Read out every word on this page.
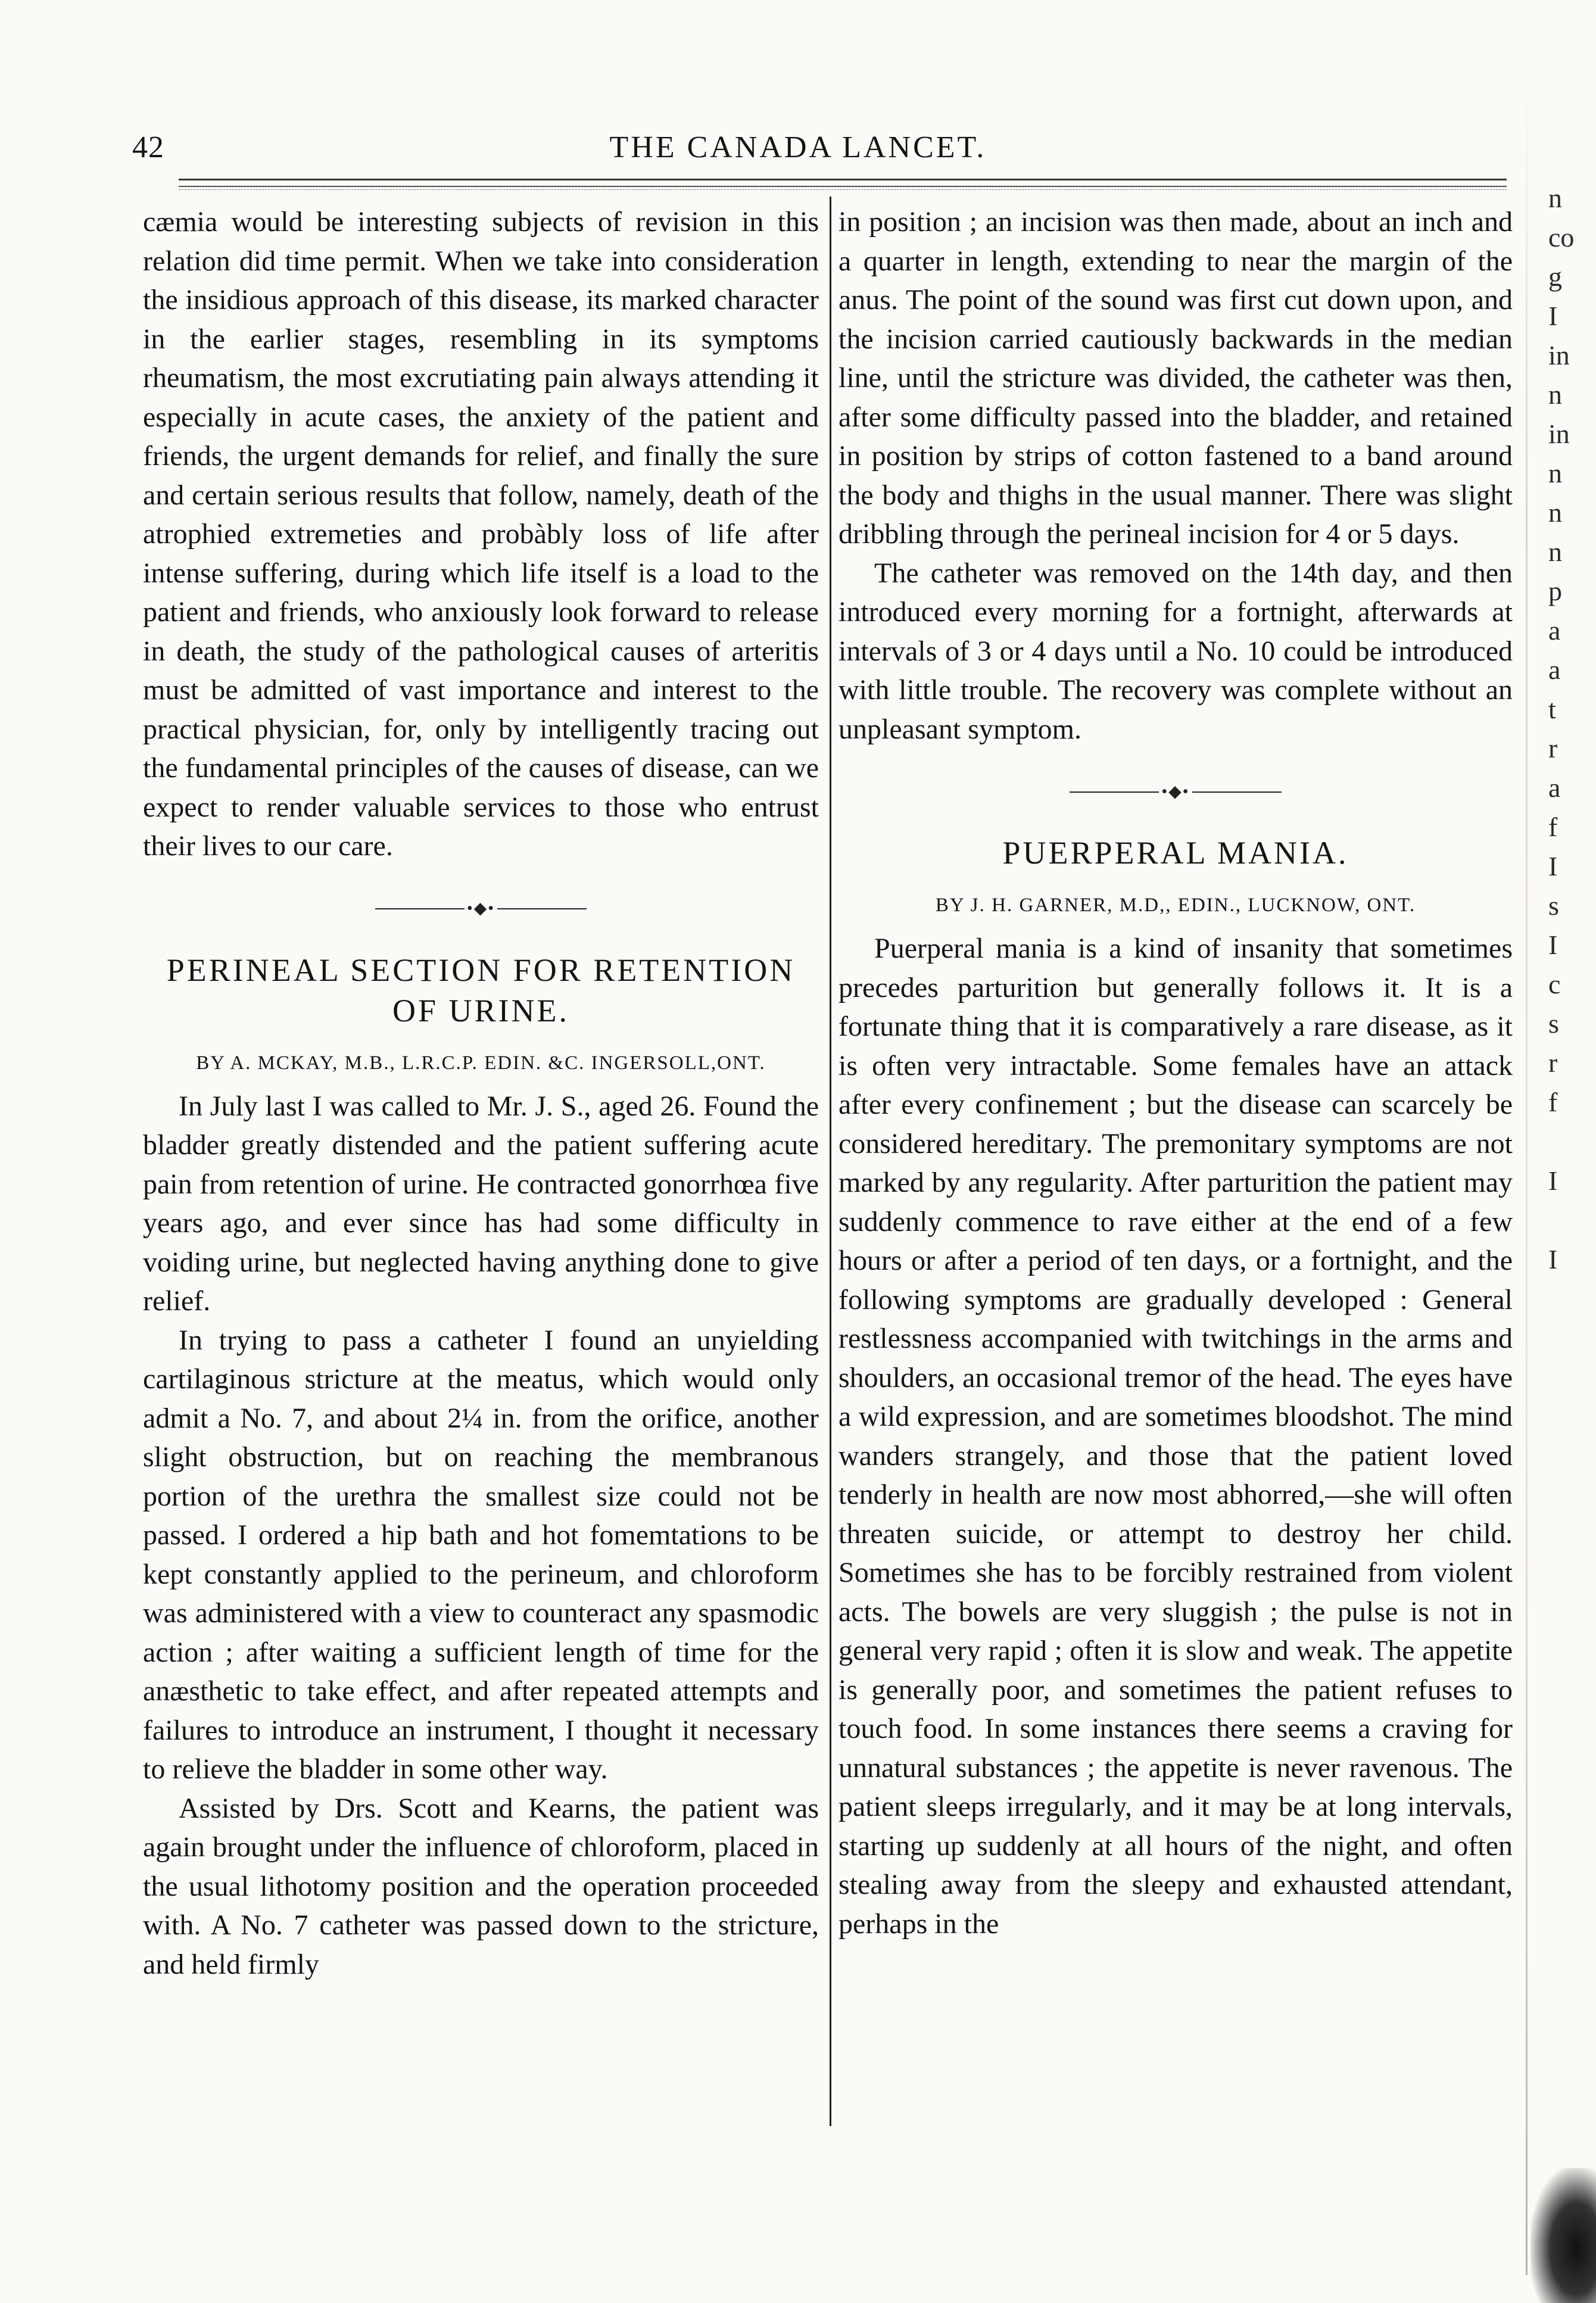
42	THE CANADA LANCET.

cæmia would be interesting subjects of revision in this relation did time permit. When we take into consideration the insidious approach of this disease, its marked character in the earlier stages, resembling in its symptoms rheumatism, the most excrutiating pain always attending it especially in acute cases, the anxiety of the patient and friends, the urgent demands for relief, and finally the sure and certain serious results that follow, namely, death of the atrophied extremeties and probàbly loss of life after intense suffering, during which life itself is a load to the patient and friends, who anxiously look forward to release in death, the study of the pathological causes of arteritis must be admitted of vast importance and interest to the practical physician, for, only by intelligently tracing out the fundamental principles of the causes of disease, can we expect to render valuable services to those who entrust their lives to our care.

•◆•
PERINEAL SECTION FOR RETENTION OF URINE.
BY A. MCKAY, M.B., L.R.C.P. EDIN. &C. INGERSOLL,ONT.

In July last I was called to Mr. J. S., aged 26. Found the bladder greatly distended and the patient suffering acute pain from retention of urine. He contracted gonorrhœa five years ago, and ever since has had some difficulty in voiding urine, but neglected having anything done to give relief.

In trying to pass a catheter I found an unyielding cartilaginous stricture at the meatus, which would only admit a No. 7, and about 2¼ in. from the orifice, another slight obstruction, but on reaching the membranous portion of the urethra the smallest size could not be passed. I ordered a hip bath and hot fomemtations to be kept constantly applied to the perineum, and chloroform was administered with a view to counteract any spasmodic action ; after waiting a sufficient length of time for the anæsthetic to take effect, and after repeated attempts and failures to introduce an instrument, I thought it necessary to relieve the bladder in some other way.

Assisted by Drs. Scott and Kearns, the patient was again brought under the influence of chloroform, placed in the usual lithotomy position and the operation proceeded with. A No. 7 catheter was passed down to the stricture, and held firmly

in position ; an incision was then made, about an inch and a quarter in length, extending to near the margin of the anus. The point of the sound was first cut down upon, and the incision carried cautiously backwards in the median line, until the stricture was divided, the catheter was then, after some difficulty passed into the bladder, and retained in position by strips of cotton fastened to a band around the body and thighs in the usual manner. There was slight dribbling through the perineal incision for 4 or 5 days.

The catheter was removed on the 14th day, and then introduced every morning for a fortnight, afterwards at intervals of 3 or 4 days until a No. 10 could be introduced with little trouble. The recovery was complete without an unpleasant symptom.

•◆•
PUERPERAL MANIA.
BY J. H. GARNER, M.D,, EDIN., LUCKNOW, ONT.

Puerperal mania is a kind of insanity that sometimes precedes parturition but generally follows it. It is a fortunate thing that it is comparatively a rare disease, as it is often very intractable. Some females have an attack after every confinement ; but the disease can scarcely be considered hereditary. The premonitary symptoms are not marked by any regularity. After parturition the patient may suddenly commence to rave either at the end of a few hours or after a period of ten days, or a fortnight, and the following symptoms are gradually developed : General restlessness accompanied with twitchings in the arms and shoulders, an occasional tremor of the head. The eyes have a wild expression, and are sometimes bloodshot. The mind wanders strangely, and those that the patient loved tenderly in health are now most abhorred,—she will often threaten suicide, or attempt to destroy her child. Sometimes she has to be forcibly restrained from violent acts. The bowels are very sluggish ; the pulse is not in general very rapid ; often it is slow and weak. The appetite is generally poor, and sometimes the patient refuses to touch food. In some instances there seems a craving for unnatural substances ; the appetite is never ravenous. The patient sleeps irregularly, and it may be at long intervals, starting up suddenly at all hours of the night, and often stealing away from the sleepy and exhausted attendant, perhaps in the

n
co
g
I
in
n
in
n
n
n
p
a
a
t
r
a
f
I
s
I
c
s
r
f
I
I
